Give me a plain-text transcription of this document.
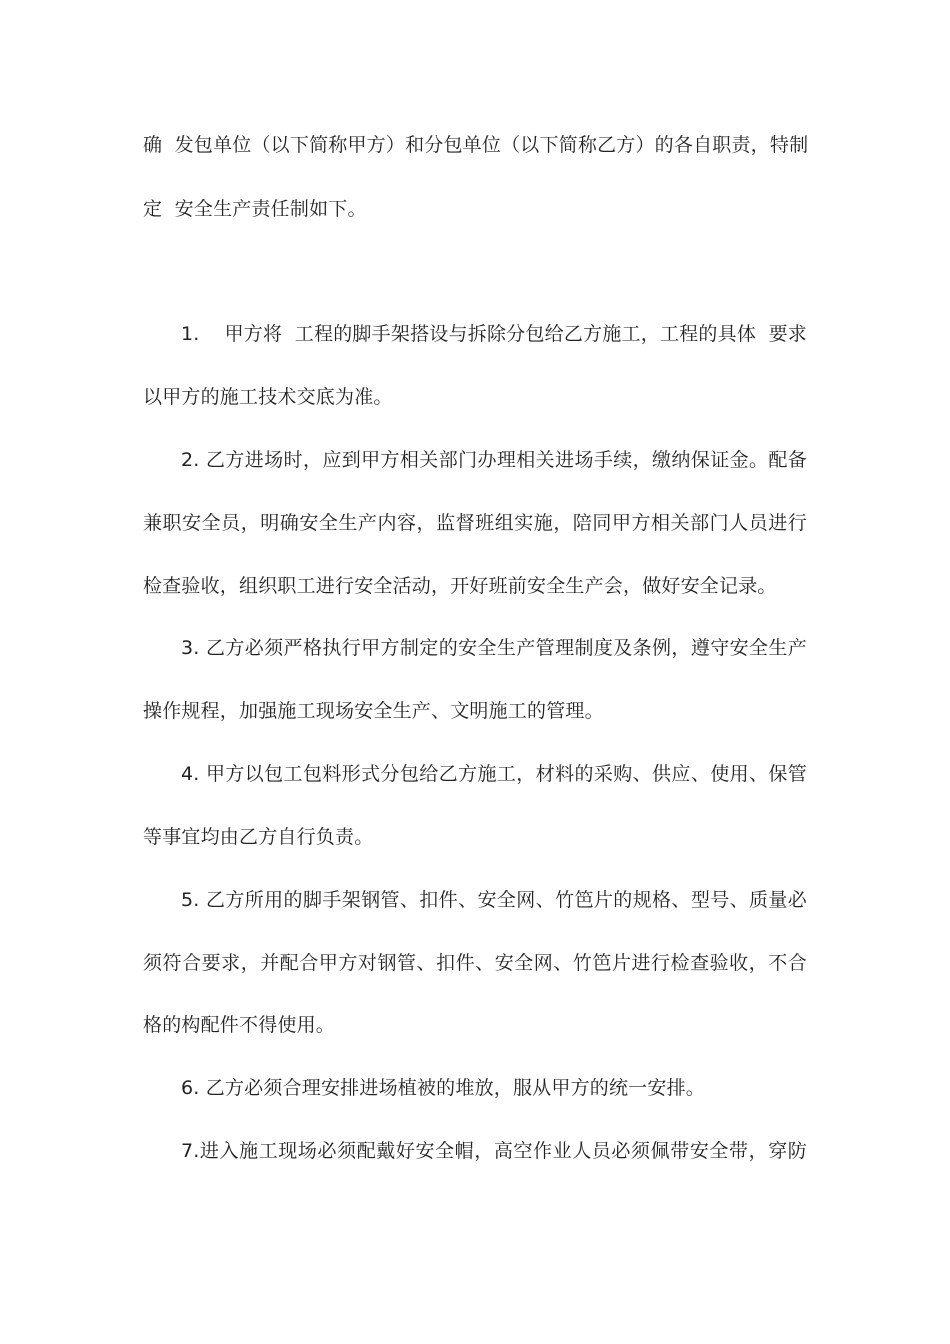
确  发包单位（以下简称甲方）和分包单位（以下简称乙方）的各自职责，特制
定  安全生产责任制如下。
1. 甲方将  工程的脚手架搭设与拆除分包给乙方施工，工程的具体  要求
以甲方的施工技术交底为准。
2. 乙方进场时，应到甲方相关部门办理相关进场手续，缴纳保证金。配备
兼职安全员，明确安全生产内容，监督班组实施，陪同甲方相关部门人员进行
检查验收，组织职工进行安全活动，开好班前安全生产会，做好安全记录。
3. 乙方必须严格执行甲方制定的安全生产管理制度及条例，遵守安全生产
操作规程，加强施工现场安全生产、文明施工的管理。
4. 甲方以包工包料形式分包给乙方施工，材料的采购、供应、使用、保管
等事宜均由乙方自行负责。
5. 乙方所用的脚手架钢管、扣件、安全网、竹笆片的规格、型号、质量必
须符合要求，并配合甲方对钢管、扣件、安全网、竹笆片进行检查验收，不合
格的构配件不得使用。
6. 乙方必须合理安排进场植被的堆放，服从甲方的统一安排。
7.进入施工现场必须配戴好安全帽，高空作业人员必须佩带安全带，穿防
